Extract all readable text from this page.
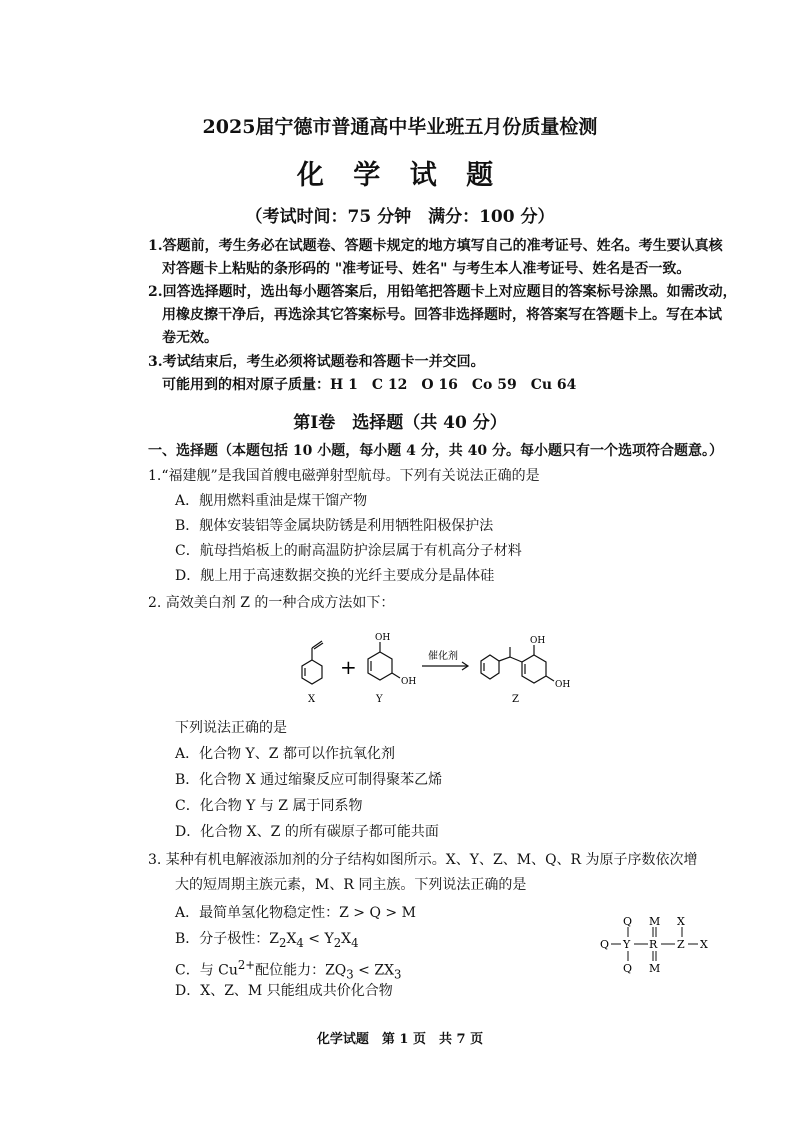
2025届宁德市普通高中毕业班五月份质量检测
化 学 试 题
（考试时间：75 分钟　满分：100 分）
1.答题前，考生务必在试题卷、答题卡规定的地方填写自己的准考证号、姓名。考生要认真核
对答题卡上粘贴的条形码的 "准考证号、姓名" 与考生本人准考证号、姓名是否一致。
2.回答选择题时，选出每小题答案后，用铅笔把答题卡上对应题目的答案标号涂黑。如需改动，
用橡皮擦干净后，再选涂其它答案标号。回答非选择题时，将答案写在答题卡上。写在本试
卷无效。
3.考试结束后，考生必须将试题卷和答题卡一并交回。
可能用到的相对原子质量：H 1　C 12　O 16　Co 59　Cu 64
第Ⅰ卷　选择题（共 40 分）
一、选择题（本题包括 10 小题，每小题 4 分，共 40 分。每小题只有一个选项符合题意。）
1.“福建舰”是我国首艘电磁弹射型航母。下列有关说法正确的是
A．舰用燃料重油是煤干馏产物
B．舰体安装铝等金属块防锈是利用牺牲阳极保护法
C．航母挡焰板上的耐高温防护涂层属于有机高分子材料
D．舰上用于高速数据交换的光纤主要成分是晶体硅
2. 高效美白剂 Z 的一种合成方法如下：
+
OH
OH
催化剂
OH
OH
X	Y	Z
下列说法正确的是
A．化合物 Y、Z 都可以作抗氧化剂
B．化合物 X 通过缩聚反应可制得聚苯乙烯
C．化合物 Y 与 Z 属于同系物
D．化合物 X、Z 的所有碳原子都可能共面
3. 某种有机电解液添加剂的分子结构如图所示。X、Y、Z、M、Q、R 为原子序数依次增
大的短周期主族元素，M、R 同主族。下列说法正确的是
A．最简单氢化物稳定性：Z > Q > M
B．分子极性：$Z_2X_4 < Y_2X_4$
C．与 $Cu^{2+}$配位能力：$ZQ_3 < ZX_3$
D．X、Z、M 只能组成共价化合物
Q Y R Z X
Q
Q
M
M
X
化学试题　第 1 页　共 7 页
